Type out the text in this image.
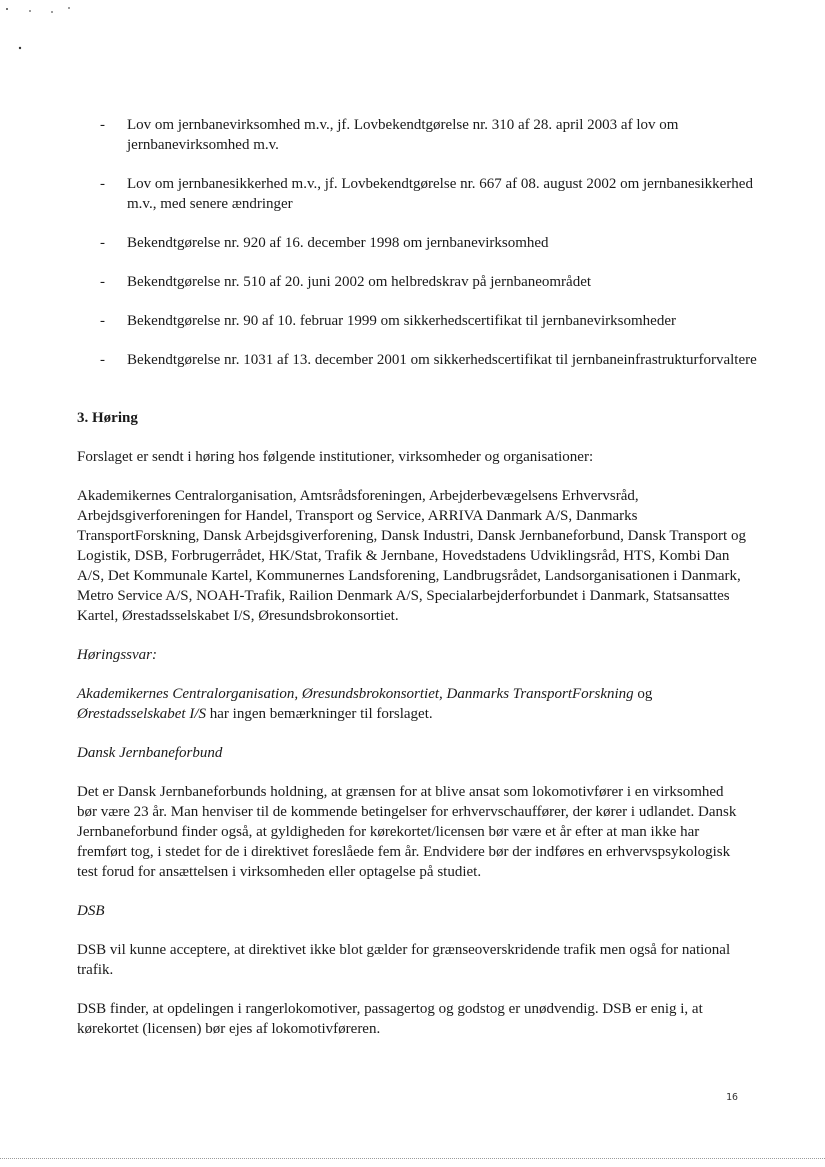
- Lov om jernbanevirksomhed m.v., jf. Lovbekendtgørelse nr. 310 af 28. april 2003 af lov om jernbanevirksomhed m.v.
- Lov om jernbanesikkerhed m.v., jf. Lovbekendtgørelse nr. 667 af 08. august 2002 om jernbanesikkerhed m.v., med senere ændringer
- Bekendtgørelse nr. 920 af 16. december 1998 om jernbanevirksomhed
- Bekendtgørelse nr. 510 af 20. juni 2002 om helbredskrav på jernbaneområdet
- Bekendtgørelse nr. 90 af 10. februar 1999 om sikkerhedscertifikat til jernbanevirksomheder
- Bekendtgørelse nr. 1031 af 13. december 2001 om sikkerhedscertifikat til jernbaneinfrastrukturforvaltere

3. Høring

Forslaget er sendt i høring hos følgende institutioner, virksomheder og organisationer:

Akademikernes Centralorganisation, Amtsrådsforeningen, Arbejderbevægelsens Erhvervsråd, Arbejdsgiverforeningen for Handel, Transport og Service, ARRIVA Danmark A/S, Danmarks TransportForskning, Dansk Arbejdsgiverforening, Dansk Industri, Dansk Jernbaneforbund, Dansk Transport og Logistik, DSB, Forbrugerrådet, HK/Stat, Trafik & Jernbane, Hovedstadens Udviklingsråd, HTS, Kombi Dan A/S, Det Kommunale Kartel, Kommunernes Landsforening, Landbrugsrådet, Landsorganisationen i Danmark, Metro Service A/S, NOAH-Trafik, Railion Denmark A/S, Specialarbejderforbundet i Danmark, Statsansattes Kartel, Ørestadsselskabet I/S, Øresundsbrokonsortiet.

Høringssvar:

Akademikernes Centralorganisation, Øresundsbrokonsortiet, Danmarks TransportForskning og Ørestadsselskabet I/S har ingen bemærkninger til forslaget.

Dansk Jernbaneforbund

Det er Dansk Jernbaneforbunds holdning, at grænsen for at blive ansat som lokomotivfører i en virksomhed bør være 23 år. Man henviser til de kommende betingelser for erhvervschauffører, der kører i udlandet. Dansk Jernbaneforbund finder også, at gyldigheden for kørekortet/licensen bør være et år efter at man ikke har fremført tog, i stedet for de i direktivet foreslåede fem år. Endvidere bør der indføres en erhvervspsykologisk test forud for ansættelsen i virksomheden eller optagelse på studiet.

DSB

DSB vil kunne acceptere, at direktivet ikke blot gælder for grænseoverskridende trafik men også for national trafik.

DSB finder, at opdelingen i rangerlokomotiver, passagertog og godstog er unødvendig. DSB er enig i, at kørekortet (licensen) bør ejes af lokomotivføreren.

16
